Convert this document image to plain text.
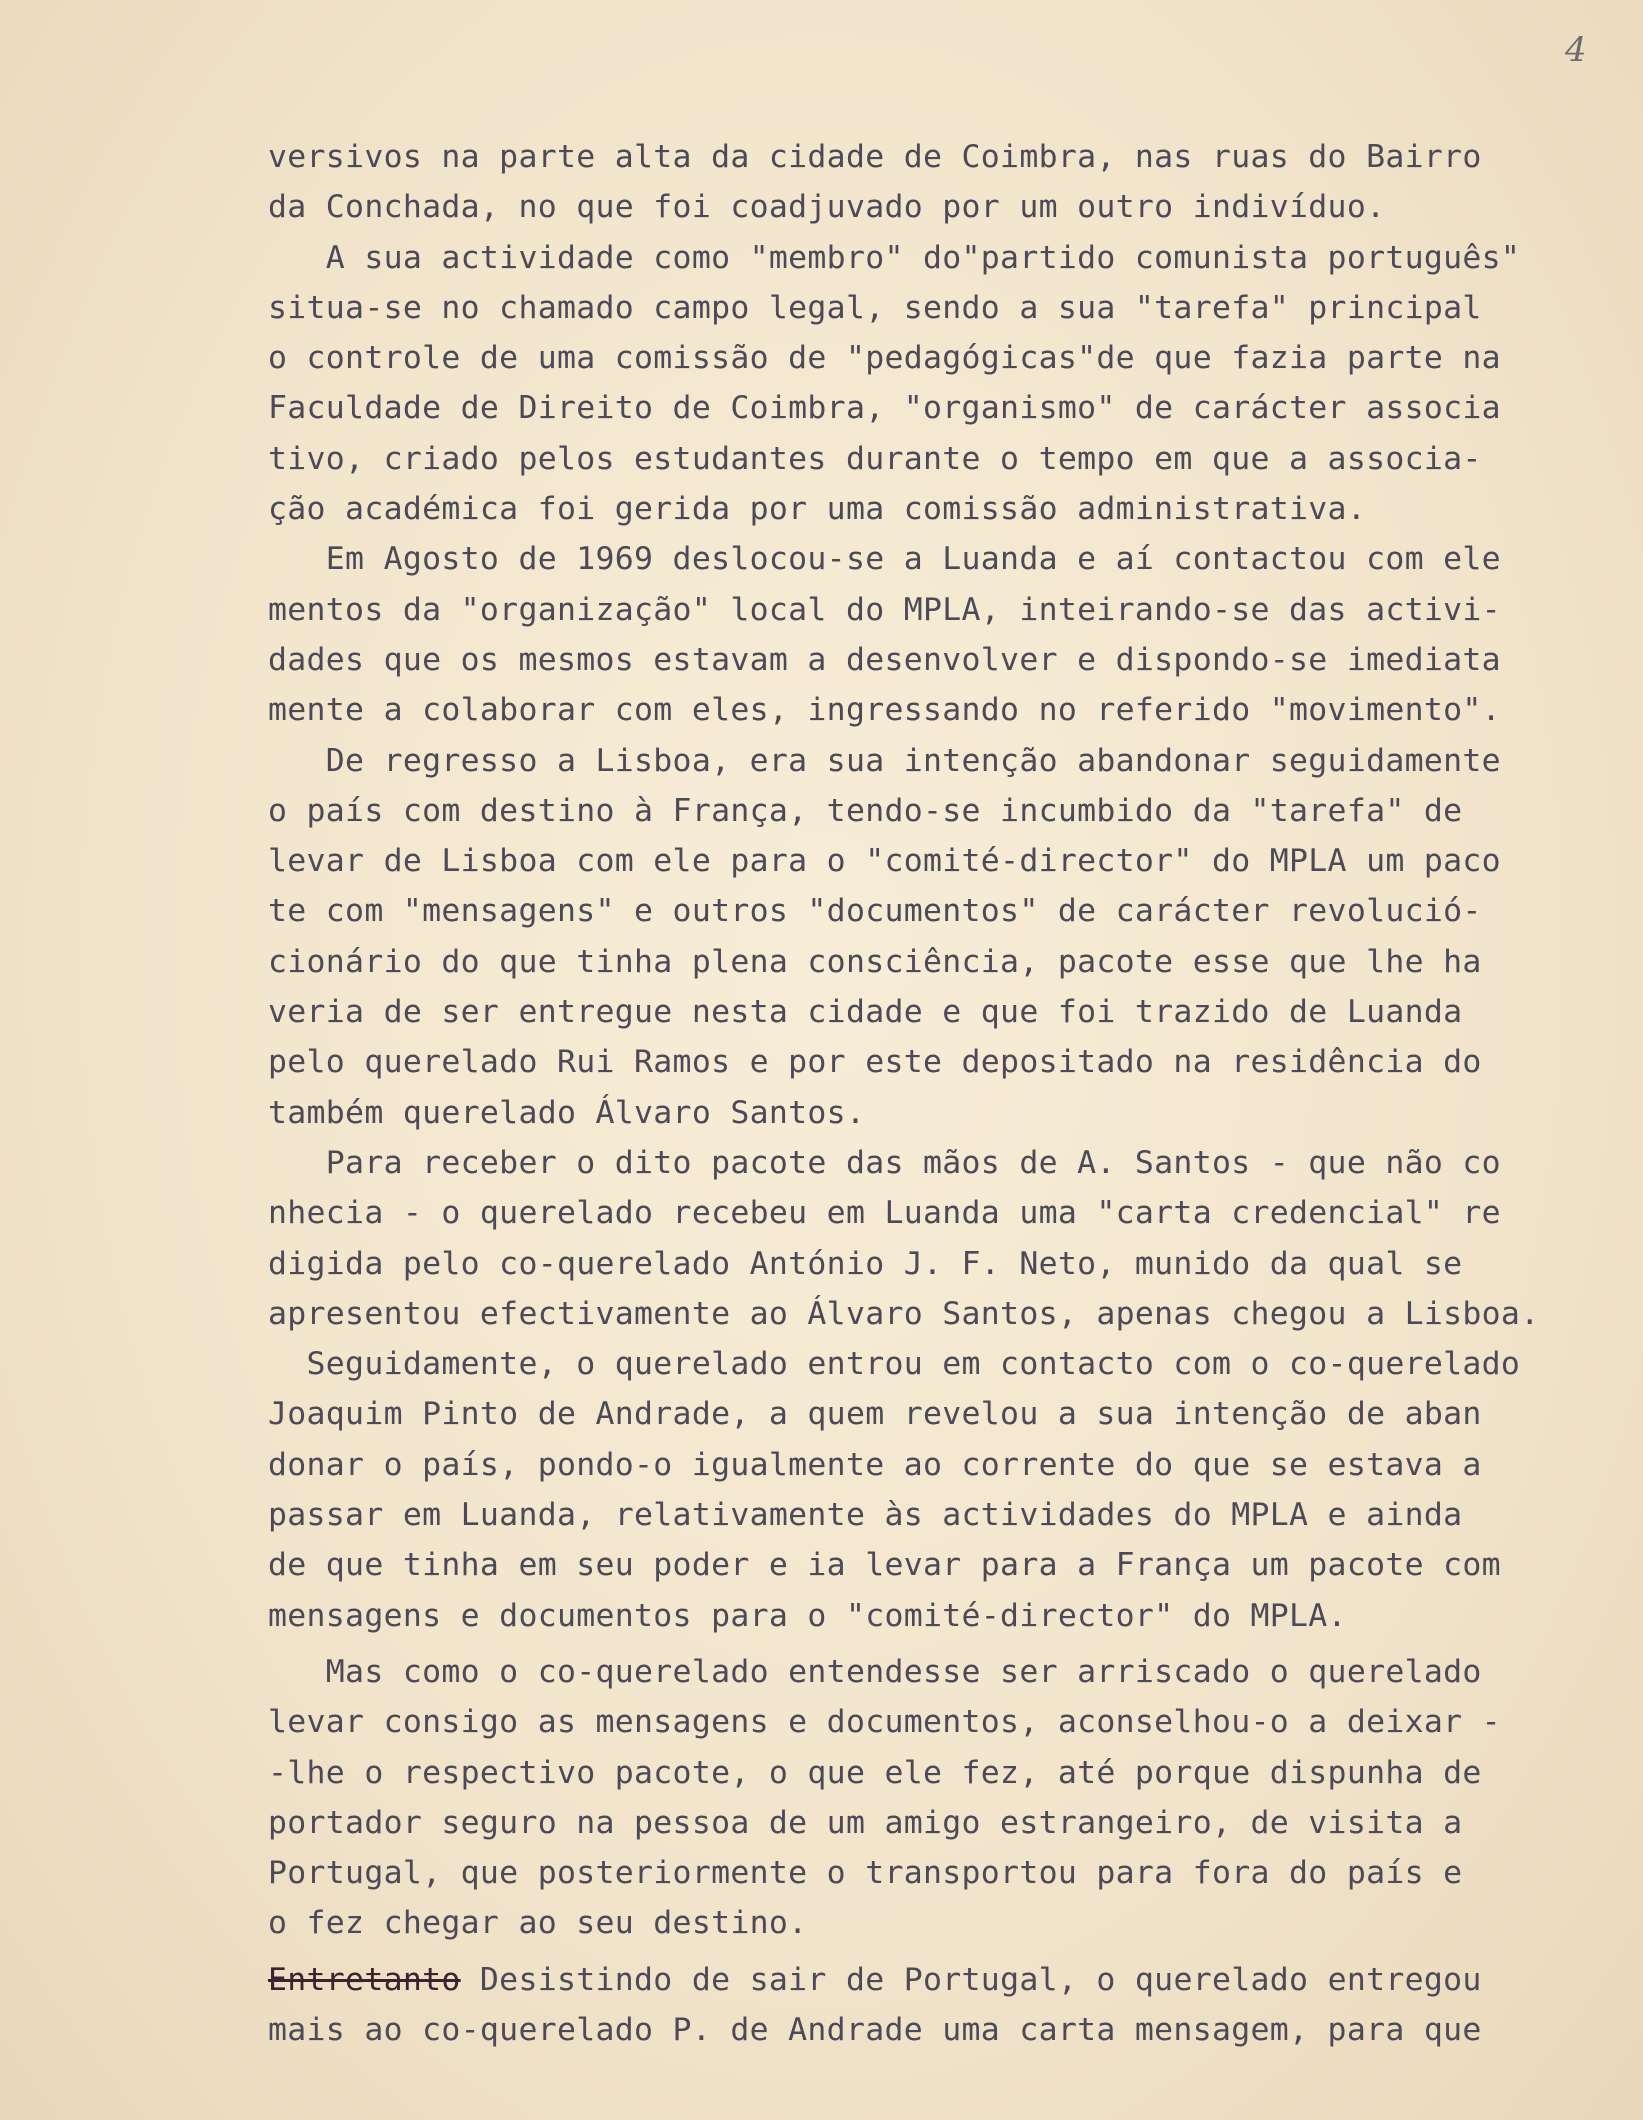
4
versivos na parte alta da cidade de Coimbra, nas ruas do Bairro
da Conchada, no que foi coadjuvado por um outro indivíduo.
A sua actividade como "membro" do"partido comunista português"
situa-se no chamado campo legal, sendo a sua "tarefa" principal
o controle de uma comissão de "pedagógicas"de que fazia parte na
Faculdade de Direito de Coimbra, "organismo" de carácter associa
tivo, criado pelos estudantes durante o tempo em que a associa-
ção académica foi gerida por uma comissão administrativa.
Em Agosto de 1969 deslocou-se a Luanda e aí contactou com ele
mentos da "organização" local do MPLA, inteirando-se das activi-
dades que os mesmos estavam a desenvolver e dispondo-se imediata
mente a colaborar com eles, ingressando no referido "movimento".
De regresso a Lisboa, era sua intenção abandonar seguidamente
o país com destino à França, tendo-se incumbido da "tarefa" de
levar de Lisboa com ele para o "comité-director" do MPLA um paco
te com "mensagens" e outros "documentos" de carácter revolució-
cionário do que tinha plena consciência, pacote esse que lhe ha
veria de ser entregue nesta cidade e que foi trazido de Luanda
pelo querelado Rui Ramos e por este depositado na residência do
também querelado Álvaro Santos.
Para receber o dito pacote das mãos de A. Santos - que não co
nhecia - o querelado recebeu em Luanda uma "carta credencial" re
digida pelo co-querelado António J. F. Neto, munido da qual se
apresentou efectivamente ao Álvaro Santos, apenas chegou a Lisboa.
Seguidamente, o querelado entrou em contacto com o co-querelado
Joaquim Pinto de Andrade, a quem revelou a sua intenção de aban
donar o país, pondo-o igualmente ao corrente do que se estava a
passar em Luanda, relativamente às actividades do MPLA e ainda
de que tinha em seu poder e ia levar para a França um pacote com
mensagens e documentos para o "comité-director" do MPLA.
Mas como o co-querelado entendesse ser arriscado o querelado
levar consigo as mensagens e documentos, aconselhou-o a deixar -
-lhe o respectivo pacote, o que ele fez, até porque dispunha de
portador seguro na pessoa de um amigo estrangeiro, de visita a
Portugal, que posteriormente o transportou para fora do país e
o fez chegar ao seu destino.
Entretanto Desistindo de sair de Portugal, o querelado entregou
mais ao co-querelado P. de Andrade uma carta mensagem, para que
